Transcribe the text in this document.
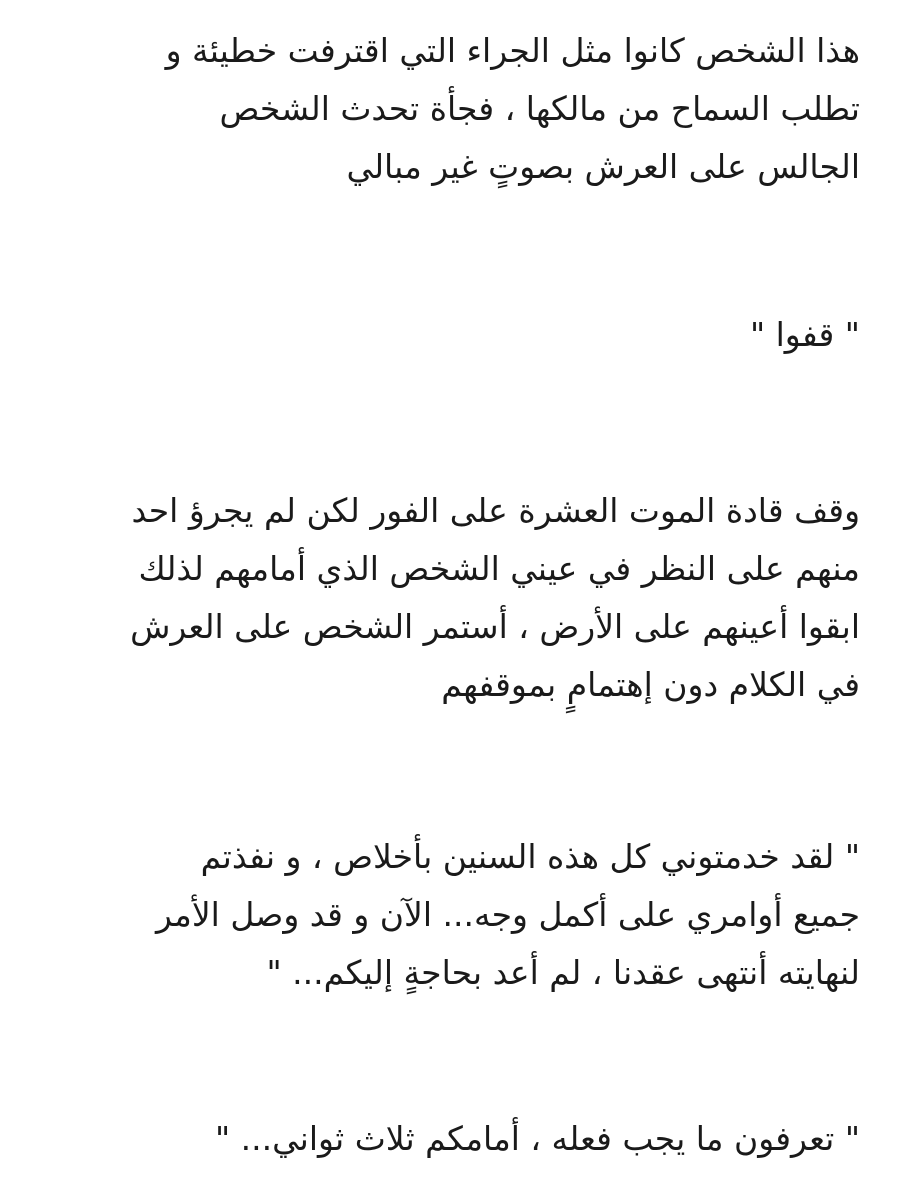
هذا الشخص كانوا مثل الجراء التي اقترفت خطيئة و
تطلب السماح من مالكها ، فجأة تحدث الشخص
الجالس على العرش بصوتٍ غير مبالي

" قفوا "

وقف قادة الموت العشرة على الفور لكن لم يجرؤ احد
منهم على النظر في عيني الشخص الذي أمامهم لذلك
ابقوا أعينهم على الأرض ، أستمر الشخص على العرش
في الكلام دون إهتمامٍ بموقفهم

" لقد خدمتوني كل هذه السنين بأخلاص ، و نفذتم
جميع أوامري على أكمل وجه... الآن و قد وصل الأمر
لنهايته أنتهى عقدنا ، لم أعد بحاجةٍ إليكم... "

" تعرفون ما يجب فعله ، أمامكم ثلاث ثواني... "
